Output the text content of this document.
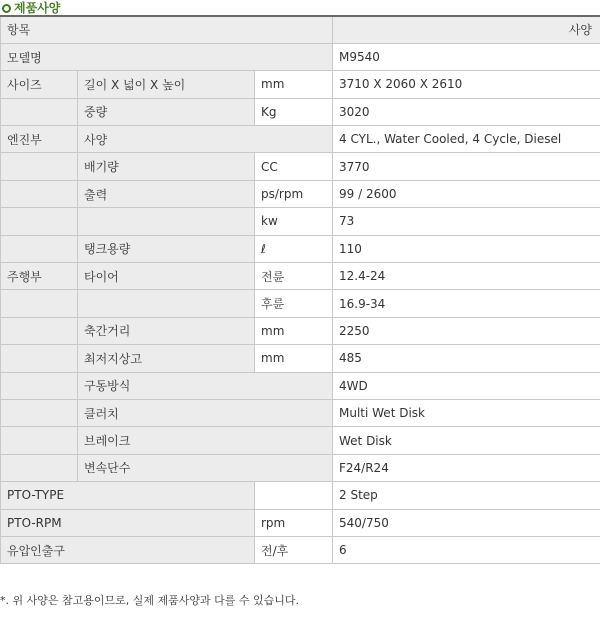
제품사양
항목			사양
모델명			M9540
사이즈	길이 X 넓이 X 높이	mm	3710 X 2060 X 2610
	중량	Kg	3020
엔진부	사양		4 CYL., Water Cooled, 4 Cycle, Diesel
	배기량	CC	3770
	출력	ps/rpm	99 / 2600
		kw	73
	탱크용량	ℓ	110
주행부	타이어	전륜	12.4-24
		후륜	16.9-34
	축간거리	mm	2250
	최저지상고	mm	485
	구동방식		4WD
	클러치		Multi Wet Disk
	브레이크		Wet Disk
	변속단수		F24/R24
PTO-TYPE			2 Step
PTO-RPM		rpm	540/750
유압인출구		전/후	6
*. 위 사양은 참고용이므로, 실제 제품사양과 다를 수 있습니다.
